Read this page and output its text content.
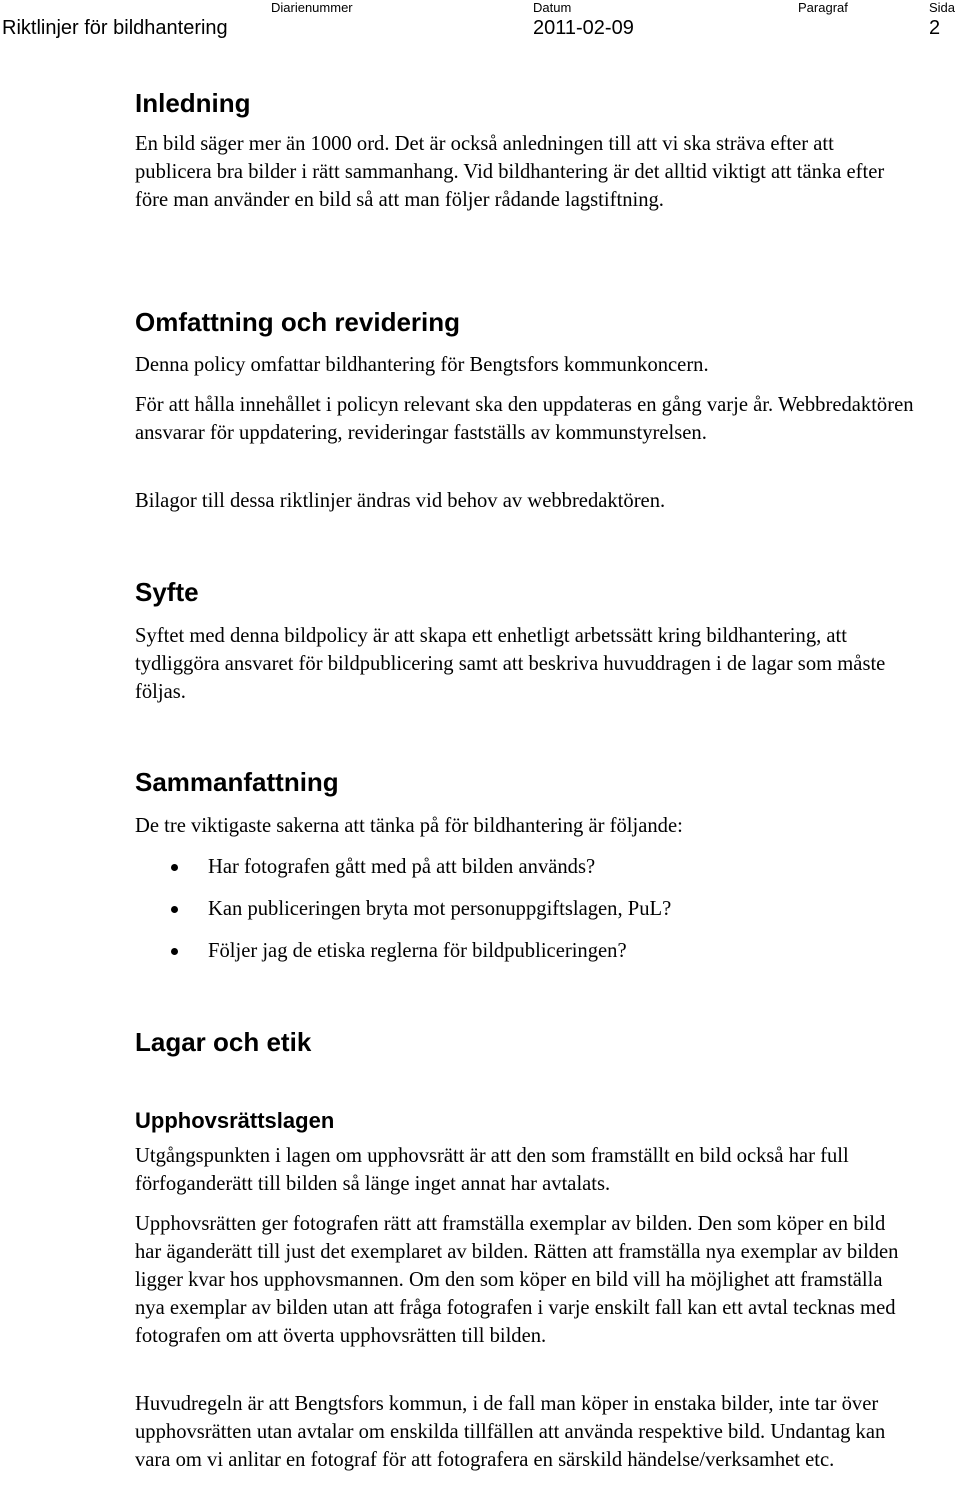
Riktlinjer för bildhantering
Diarienummer	Datum
2011-02-09
Paragraf	Sida
2
Inledning

En bild säger mer än 1000 ord. Det är också anledningen till att vi ska sträva efter att publicera bra bilder i rätt sammanhang. Vid bildhantering är det alltid viktigt att tänka efter före man använder en bild så att man följer rådande lagstiftning.

Omfattning och revidering

Denna policy omfattar bildhantering för Bengtsfors kommunkoncern.

För att hålla innehållet i policyn relevant ska den uppdateras en gång varje år. Webbredaktören ansvarar för uppdatering, revideringar fastställs av kommunstyrelsen.

Bilagor till dessa riktlinjer ändras vid behov av webbredaktören.

Syfte

Syftet med denna bildpolicy är att skapa ett enhetligt arbetssätt kring bildhantering, att tydliggöra ansvaret för bildpublicering samt att beskriva huvuddragen i de lagar som måste följas.

Sammanfattning

De tre viktigaste sakerna att tänka på för bildhantering är följande:

Har fotografen gått med på att bilden används?
Kan publiceringen bryta mot personuppgiftslagen, PuL?
Följer jag de etiska reglerna för bildpubliceringen?
Lagar och etik
Upphovsrättslagen

Utgångspunkten i lagen om upphovsrätt är att den som framställt en bild också har full förfoganderätt till bilden så länge inget annat har avtalats.

Upphovsrätten ger fotografen rätt att framställa exemplar av bilden. Den som köper en bild har äganderätt till just det exemplaret av bilden. Rätten att framställa nya exemplar av bilden ligger kvar hos upphovsmannen. Om den som köper en bild vill ha möjlighet att framställa nya exemplar av bilden utan att fråga fotografen i varje enskilt fall kan ett avtal tecknas med fotografen om att överta upphovsrätten till bilden.

Huvudregeln är att Bengtsfors kommun, i de fall man köper in enstaka bilder, inte tar över upphovsrätten utan avtalar om enskilda tillfällen att använda respektive bild. Undantag kan vara om vi anlitar en fotograf för att fotografera en särskild händelse/verksamhet etc.
